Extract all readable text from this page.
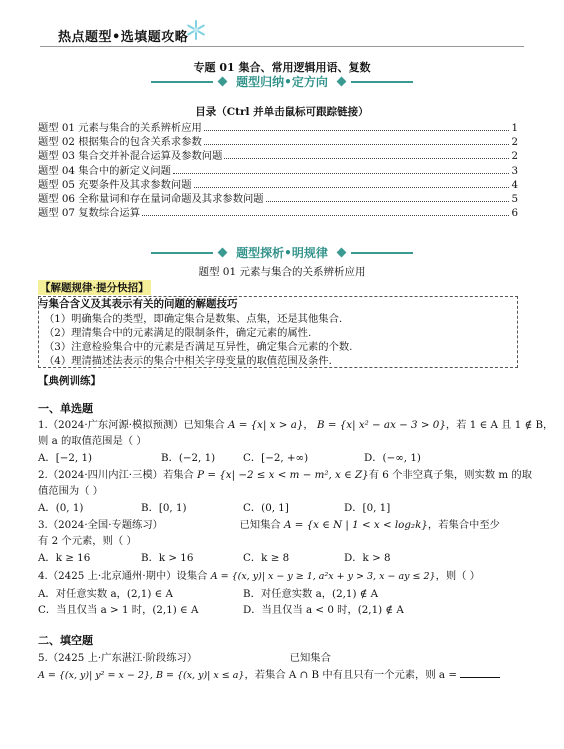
热点题型•选填题攻略
专题 01 集合、常用逻辑用语、复数
题型归纳•定方向
目录（Ctrl 并单击鼠标可跟踪链接）
题型 01 元素与集合的关系辨析应用	1
题型 02 根据集合的包含关系求参数	2
题型 03 集合交并补混合运算及参数问题	2
题型 04 集合中的新定义问题	3
题型 05 充要条件及其求参数问题	4
题型 06 全称量词和存在量词命题及其求参数问题	5
题型 07 复数综合运算	6
题型探析•明规律
题型 01 元素与集合的关系辨析应用
【解题规律·提分快招】
与集合含义及其表示有关的问题的解题技巧
（1）明确集合的类型，即确定集合是数集、点集，还是其他集合.
（2）理清集合中的元素满足的限制条件，确定元素的属性.
（3）注意检验集合中的元素是否满足互异性，确定集合元素的个数.
（4）理清描述法表示的集合中相关字母变量的取值范围及条件.
【典例训练】
一、单选题
1.（2024·广东河源·模拟预测）已知集合 A = {x| x > a}， B = {x| x² − ax − 3 > 0}，若 1 ∈ A 且 1 ∉ B，
则 a 的取值范围是（ ）
A．[−2, 1)	B．(−2, 1)	C．[−2, +∞)	D．(−∞, 1)
2.（2024·四川内江·三模）若集合 P = {x| −2 ≤ x < m − m², x ∈ Z}有 6 个非空真子集，则实数 m 的取
值范围为（ ）
A．(0, 1)	B．[0, 1)	C．(0, 1]	D．[0, 1]
3.（2024·全国·专题练习）	已知集合 A = {x ∈ N | 1 < x < log₂k}，若集合中至少
有 2 个元素，则（ ）
A．k ≥ 16	B．k > 16	C．k ≥ 8	D．k > 8
4.（2425 上·北京通州·期中）设集合 A = {(x, y)| x − y ≥ 1, a²x + y > 3, x − ay ≤ 2}，则（ ）
A．对任意实数 a，(2,1) ∈ A	B．对任意实数 a，(2,1) ∉ A
C．当且仅当 a > 1 时，(2,1) ∈ A	D．当且仅当 a < 0 时，(2,1) ∉ A
二、填空题
5.（2425 上·广东湛江·阶段练习）	已知集合
A = {(x, y)| y² = x − 2}, B = {(x, y)| x ≤ a}，若集合 A ∩ B 中有且只有一个元素，则 a =
